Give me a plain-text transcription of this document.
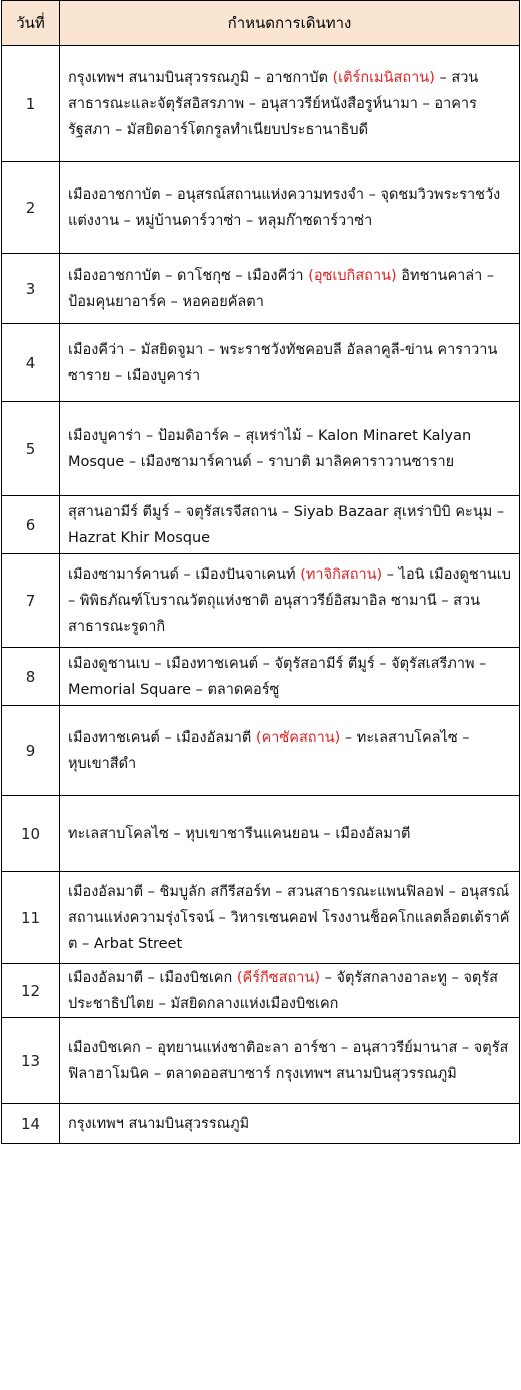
วันที่	กำหนดการเดินทาง
1	กรุงเทพฯ สนามบินสุวรรณภูมิ – อาชกาบัต (เติร์กเมนิสถาน) – สวนสาธารณะและจัตุรัสอิสรภาพ – อนุสาวรีย์หนังสือรูห์นามา – อาคารรัฐสภา – มัสยิดอาร์โตกรูลทำเนียบประธานาธิบดี
2	เมืองอาชกาบัต – อนุสรณ์สถานแห่งความทรงจำ – จุดชมวิวพระราชวังแต่งงาน – หมู่บ้านดาร์วาซ่า – หลุมก๊าซดาร์วาซ่า
3	เมืองอาชกาบัต – ดาโชกุซ – เมืองคีว่า (อุซเบกิสถาน) อิทชานคาล่า – ป้อมคุนยาอาร์ค – หอคอยคัลตา
4	เมืองคีว่า – มัสยิดจูมา – พระราชวังทัชคอบลี อัลลาคูลี-ข่าน คาราวานซาราย – เมืองบูคาร่า
5	เมืองบูคาร่า – ป้อมดิอาร์ค – สุเหร่าไม้ – Kalon Minaret Kalyan Mosque – เมืองซามาร์คานด์ – ราบาติ มาลิคคาราวานซาราย
6	สุสานอามีร์ ตีมูร์ – จตุรัสเรจีสถาน – Siyab Bazaar สุเหร่าบิบิ คะนุม – Hazrat Khir Mosque
7	เมืองซามาร์คานด์ – เมืองปันจาเคนท์ (ทาจิกิสถาน) – ไอนิ เมืองดูชานเบ – พิพิธภัณฑ์โบราณวัตถุแห่งชาติ อนุสาวรีย์อิสมาอิล ซามานี – สวนสาธารณะรูดากิ
8	เมืองดูชานเบ – เมืองทาชเคนต์ – จัตุรัสอามีร์ ตีมูร์ – จัตุรัสเสรีภาพ – Memorial Square – ตลาดคอร์ซู
9	เมืองทาชเคนต์ – เมืองอัลมาตี (คาซัคสถาน) – ทะเลสาบโคลไซ – หุบเขาสีดำ
10	ทะเลสาบโคลไซ – หุบเขาชารีนแคนยอน – เมืองอัลมาตี
11	เมืองอัลมาตี – ชิมบูลัก สกีรีสอร์ท – สวนสาธารณะแพนฟิลอฟ – อนุสรณ์สถานแห่งความรุ่งโรจน์ – วิหารเซนคอฟ โรงงานช็อคโกแลตล็อตเต้ราคัต – Arbat Street
12	เมืองอัลมาตี – เมืองบิชเคก (คีร์กีซสถาน) – จัตุรัสกลางอาละทู – จตุรัสประชาธิปไตย – มัสยิดกลางแห่งเมืองบิชเคก
13	เมืองบิชเคก – อุทยานแห่งชาติอะลา อาร์ชา – อนุสาวรีย์มานาส – จตุรัสฟิลาฮาโมนิค – ตลาดออสบาซาร์ กรุงเทพฯ สนามบินสุวรรณภูมิ
14	กรุงเทพฯ สนามบินสุวรรณภูมิ
